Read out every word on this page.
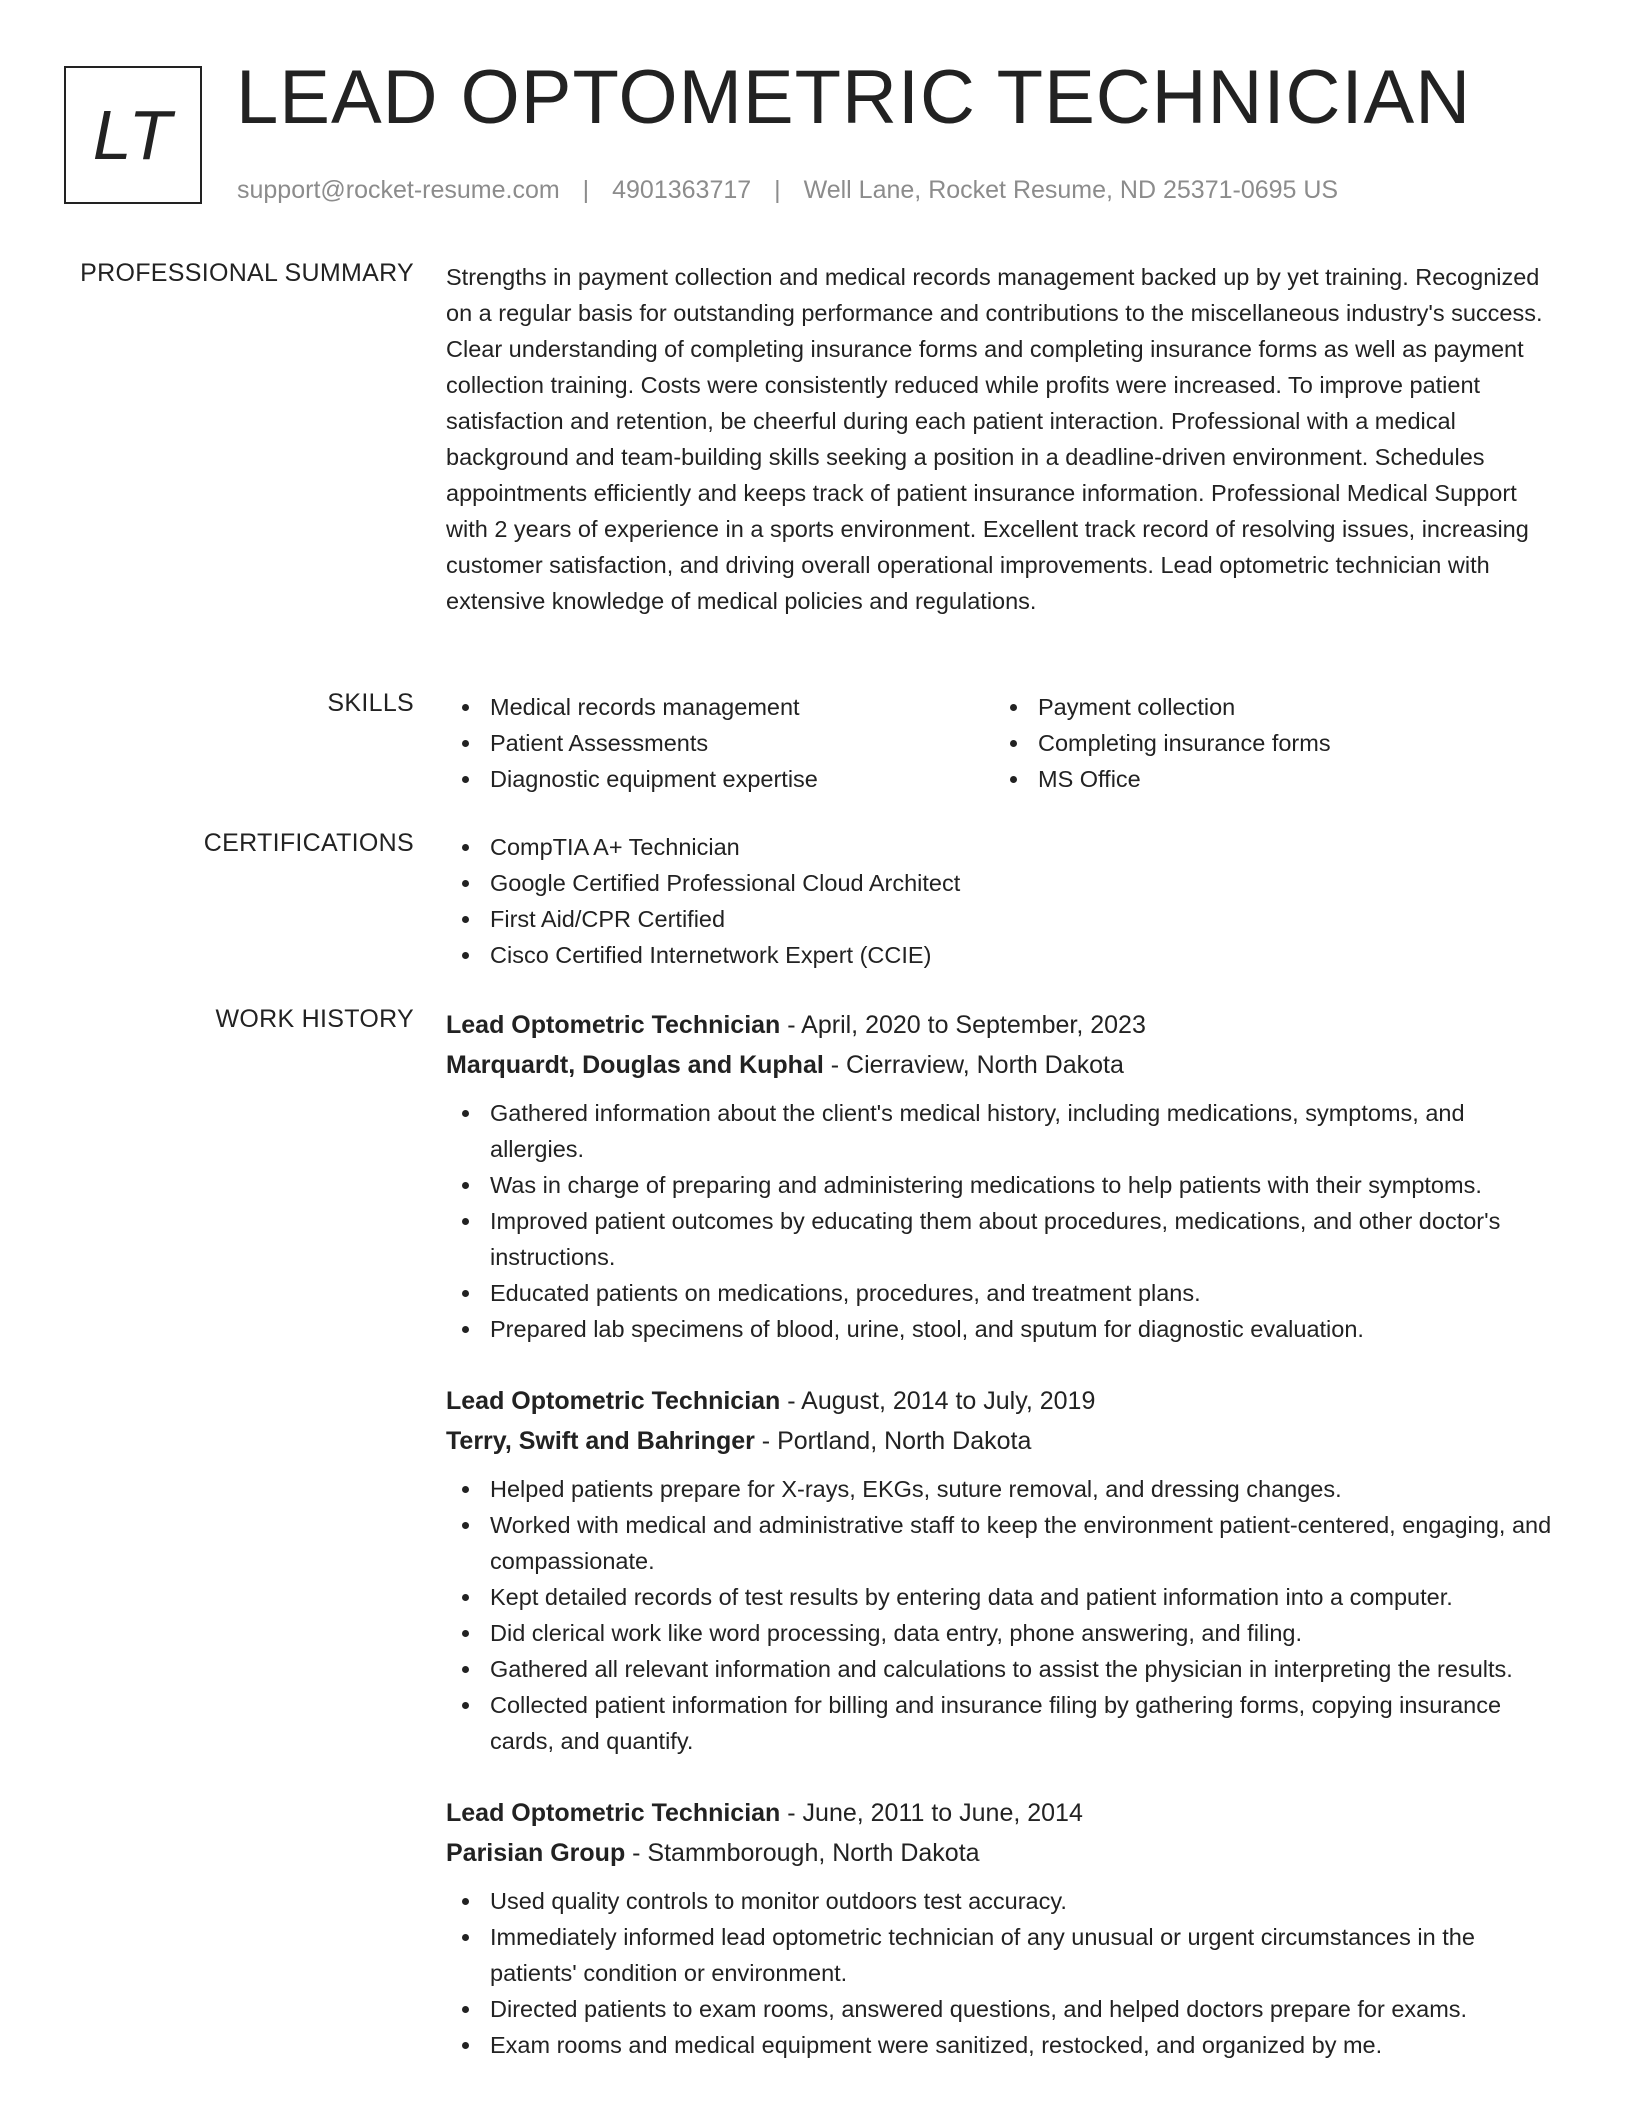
LT LEAD OPTOMETRIC TECHNICIAN
support@rocket-resume.com | 4901363717 | Well Lane, Rocket Resume, ND 25371-0695 US
PROFESSIONAL SUMMARY Strengths in payment collection and medical records management backed up by yet training. Recognized on a regular basis for outstanding performance and contributions to the miscellaneous industry's success. Clear understanding of completing insurance forms and completing insurance forms as well as payment collection training. Costs were consistently reduced while profits were increased. To improve patient satisfaction and retention, be cheerful during each patient interaction. Professional with a medical background and team-building skills seeking a position in a deadline-driven environment. Schedules appointments efficiently and keeps track of patient insurance information. Professional Medical Support with 2 years of experience in a sports environment. Excellent track record of resolving issues, increasing customer satisfaction, and driving overall operational improvements. Lead optometric technician with extensive knowledge of medical policies and regulations.

SKILLS	Medical records management
Patient Assessments
Diagnostic equipment expertise
Payment collection
Completing insurance forms
MS Office
CERTIFICATIONS	CompTIA A+ Technician
Google Certified Professional Cloud Architect
First Aid/CPR Certified
Cisco Certified Internetwork Expert (CCIE)
WORK HISTORY Lead Optometric Technician - April, 2020 to September, 2023
Marquardt, Douglas and Kuphal - Cierraview, North Dakota
Gathered information about the client's medical history, including medications, symptoms, and allergies.
Was in charge of preparing and administering medications to help patients with their symptoms.
Improved patient outcomes by educating them about procedures, medications, and other doctor's instructions.
Educated patients on medications, procedures, and treatment plans.
Prepared lab specimens of blood, urine, stool, and sputum for diagnostic evaluation.
Lead Optometric Technician - August, 2014 to July, 2019
Terry, Swift and Bahringer - Portland, North Dakota
Helped patients prepare for X-rays, EKGs, suture removal, and dressing changes.
Worked with medical and administrative staff to keep the environment patient-centered, engaging, and compassionate.
Kept detailed records of test results by entering data and patient information into a computer.
Did clerical work like word processing, data entry, phone answering, and filing.
Gathered all relevant information and calculations to assist the physician in interpreting the results.
Collected patient information for billing and insurance filing by gathering forms, copying insurance cards, and quantify.
Lead Optometric Technician - June, 2011 to June, 2014
Parisian Group - Stammborough, North Dakota
Used quality controls to monitor outdoors test accuracy.
Immediately informed lead optometric technician of any unusual or urgent circumstances in the patients' condition or environment.
Directed patients to exam rooms, answered questions, and helped doctors prepare for exams.
Exam rooms and medical equipment were sanitized, restocked, and organized by me.
